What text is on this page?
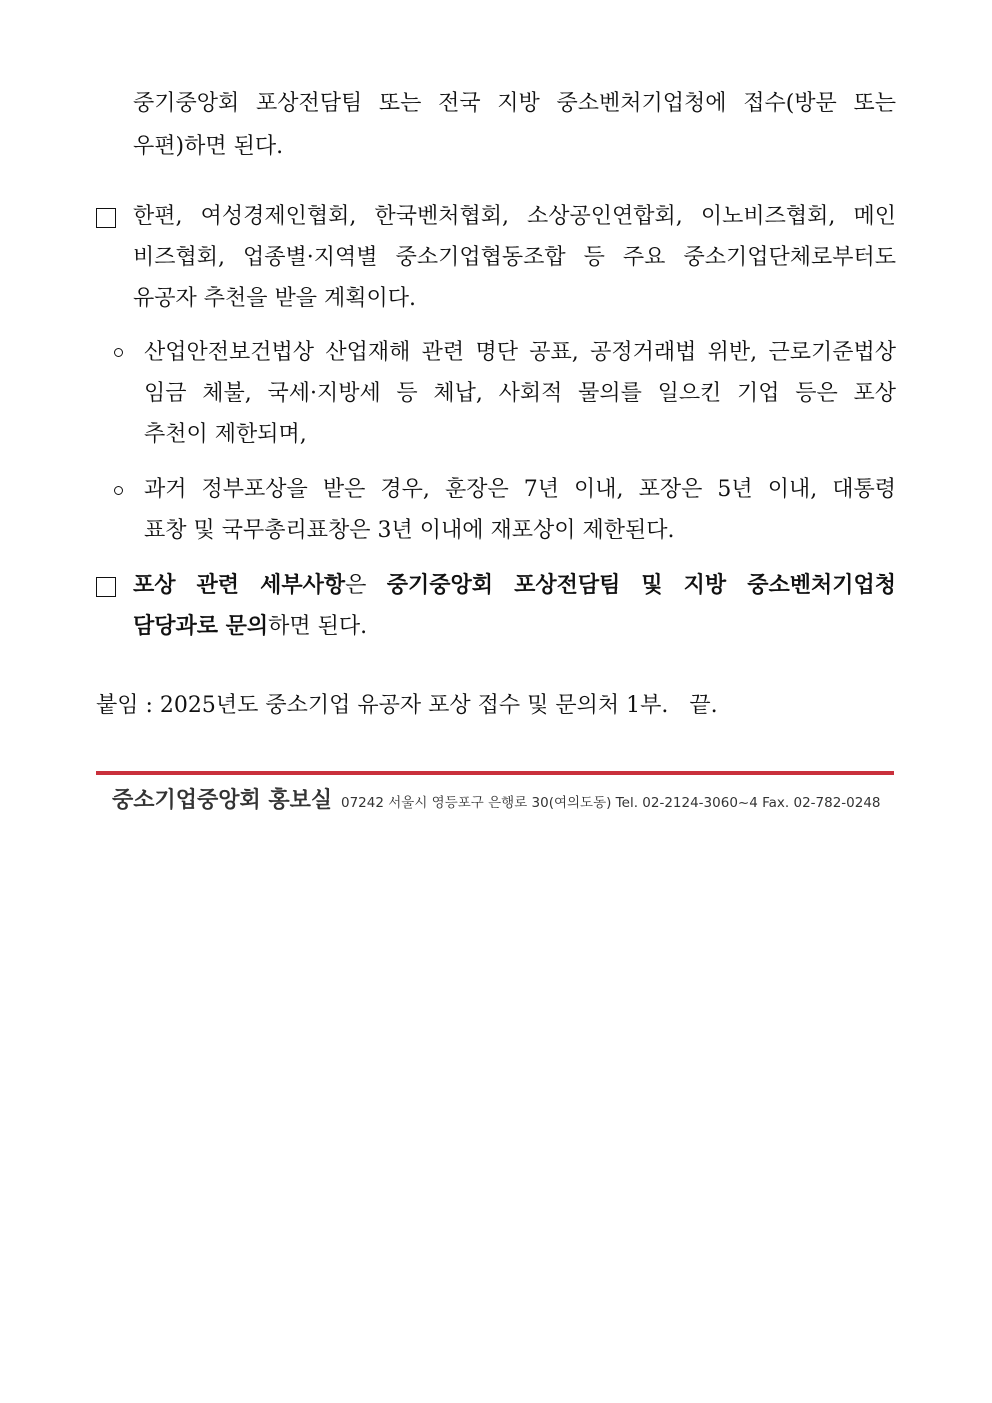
중기중앙회 포상전담팀 또는 전국 지방 중소벤처기업청에 접수(방문 또는
우편)하면 된다.
한편, 여성경제인협회, 한국벤처협회, 소상공인연합회, 이노비즈협회, 메인
비즈협회, 업종별·지역별 중소기업협동조합 등 주요 중소기업단체로부터도
유공자 추천을 받을 계획이다.
산업안전보건법상 산업재해 관련 명단 공표, 공정거래법 위반, 근로기준법상
임금 체불, 국세·지방세 등 체납, 사회적 물의를 일으킨 기업 등은 포상
추천이 제한되며,
과거 정부포상을 받은 경우, 훈장은 7년 이내, 포장은 5년 이내, 대통령
표창 및 국무총리표창은 3년 이내에 재포상이 제한된다.
포상 관련 세부사항은 중기중앙회 포상전담팀 및 지방 중소벤처기업청
담당과로 문의하면 된다.
붙임 : 2025년도 중소기업 유공자 포상 접수 및 문의처 1부.   끝.
중소기업중앙회 홍보실 07242 서울시 영등포구 은행로 30(여의도동) Tel. 02-2124-3060~4 Fax. 02-782-0248
